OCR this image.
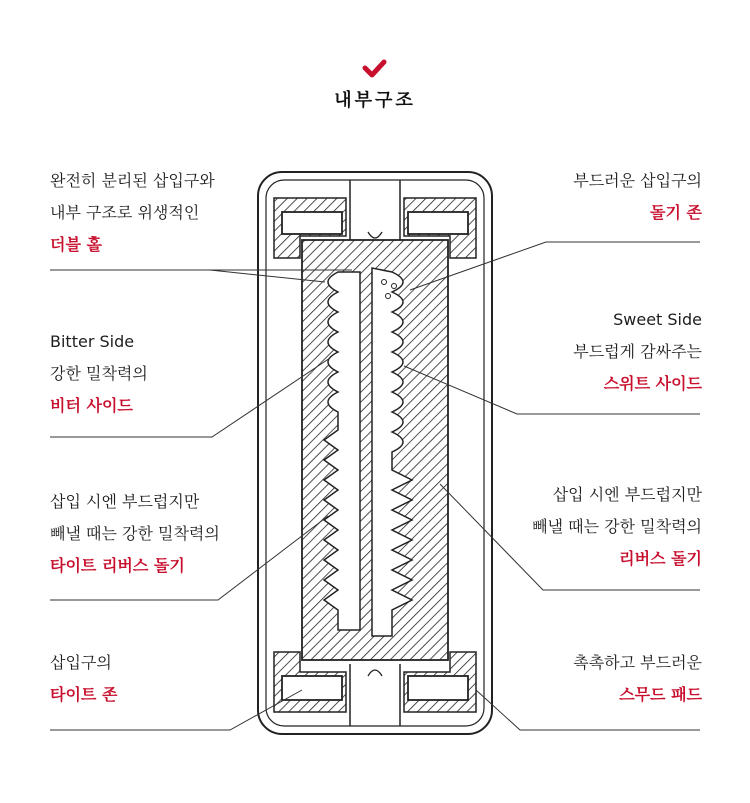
내부구조
완전히 분리된 삽입구와
내부 구조로 위생적인
더블 홀
Bitter Side
강한 밀착력의
비터 사이드
삽입 시엔 부드럽지만
빼낼 때는 강한 밀착력의
타이트 리버스 돌기
삽입구의
타이트 존
부드러운 삽입구의
돌기 존
Sweet Side
부드럽게 감싸주는
스위트 사이드
삽입 시엔 부드럽지만
빼낼 때는 강한 밀착력의
리버스 돌기
촉촉하고 부드러운
스무드 패드
